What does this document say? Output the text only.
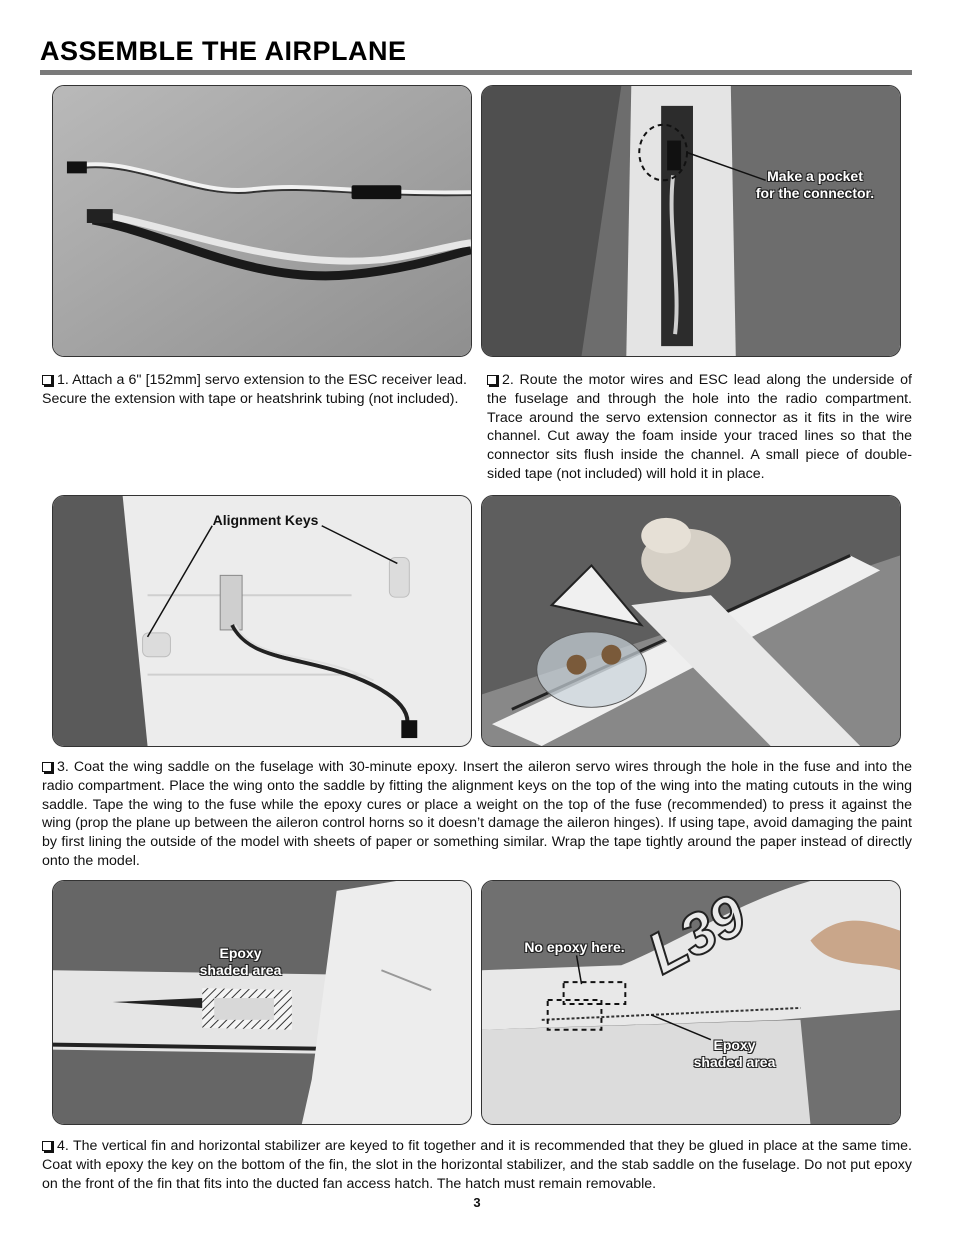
ASSEMBLE THE AIRPLANE
Make a pocket
for the connector.
1. Attach a 6" [152mm] servo extension to the ESC receiver lead. Secure the extension with tape or heatshrink tubing (not included).
2. Route the motor wires and ESC lead along the underside of the fuselage and through the hole into the radio compartment. Trace around the servo extension connector as it fits in the wire channel. Cut away the foam inside your traced lines so that the connector sits flush inside the channel. A small piece of double-sided tape (not included) will hold it in place.
Alignment Keys
3. Coat the wing saddle on the fuselage with 30-minute epoxy. Insert the aileron servo wires through the hole in the fuse and into the radio compartment. Place the wing onto the saddle by fitting the alignment keys on the top of the wing into the mating cutouts in the wing saddle. Tape the wing to the fuse while the epoxy cures or place a weight on the top of the fuse (recommended) to press it against the wing (prop the plane up between the aileron control horns so it doesn’t damage the aileron hinges). If using tape, avoid damaging the paint by first lining the outside of the model with sheets of paper or something similar. Wrap the tape tightly around the paper instead of directly onto the model.
Epoxy
shaded area	L39
No epoxy here.
Epoxy
shaded area
4. The vertical fin and horizontal stabilizer are keyed to fit together and it is recommended that they be glued in place at the same time. Coat with epoxy the key on the bottom of the fin, the slot in the horizontal stabilizer, and the stab saddle on the fuselage. Do not put epoxy on the front of the fin that fits into the ducted fan access hatch. The hatch must remain removable.
3
